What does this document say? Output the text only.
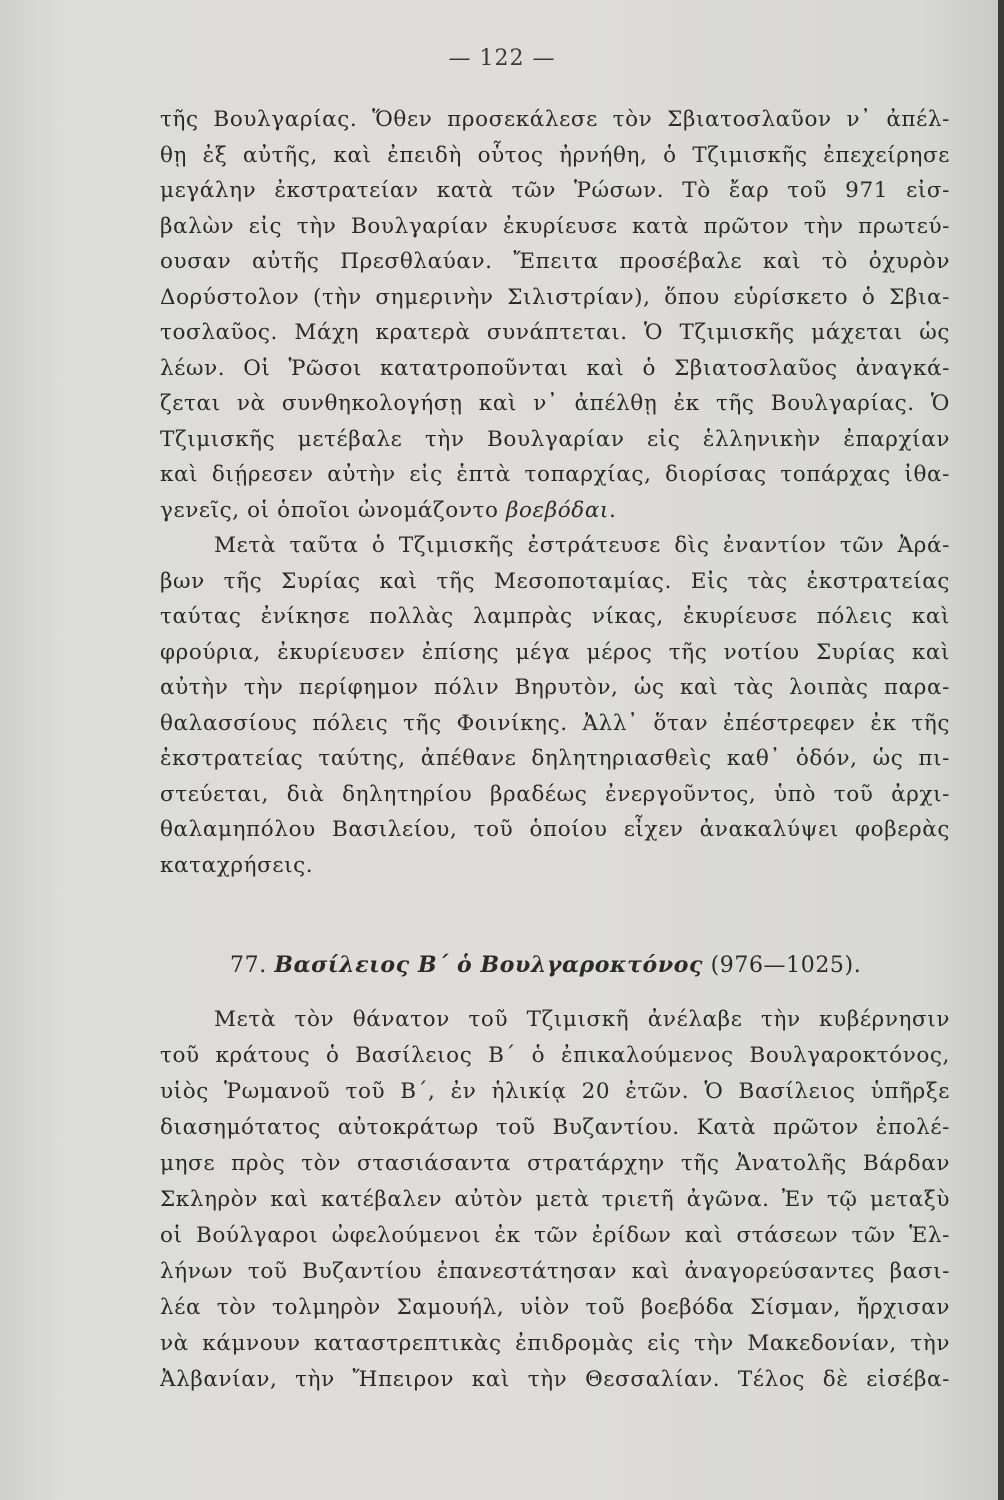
— 122 —
τῆς Βουλγαρίας. Ὅθεν προσεκάλεσε τὸν Σβιατοσλαῦον ν᾽ ἀπέλ-
θῃ ἐξ αὐτῆς, καὶ ἐπειδὴ οὗτος ἠρνήθη, ὁ Τζιμισκῆς ἐπεχείρησε
μεγάλην ἐκστρατείαν κατὰ τῶν Ῥώσων. Τὸ ἔαρ τοῦ 971 εἰσ-
βαλὼν εἰς τὴν Βουλγαρίαν ἐκυρίευσε κατὰ πρῶτον τὴν πρωτεύ-
ουσαν αὐτῆς Πρεσθλαύαν. Ἔπειτα προσέβαλε καὶ τὸ ὀχυρὸν
Δορύστολον (τὴν σημερινὴν Σιλιστρίαν), ὅπου εὑρίσκετο ὁ Σβια-
τοσλαῦος. Μάχη κρατερὰ συνάπτεται. Ὁ Τζιμισκῆς μάχεται ὡς
λέων. Οἱ Ῥῶσοι κατατροποῦνται καὶ ὁ Σβιατοσλαῦος ἀναγκά-
ζεται νὰ συνθηκολογήσῃ καὶ ν᾽ ἀπέλθῃ ἐκ τῆς Βουλγαρίας. Ὁ
Τζιμισκῆς μετέβαλε τὴν Βουλγαρίαν εἰς ἑλληνικὴν ἐπαρχίαν
καὶ διῄρεσεν αὐτὴν εἰς ἑπτὰ τοπαρχίας, διορίσας τοπάρχας ἰθα-
γενεῖς, οἱ ὁποῖοι ὠνομάζοντο βοεβόδαι.
Μετὰ ταῦτα ὁ Τζιμισκῆς ἐστράτευσε δὶς ἐναντίον τῶν Ἀρά-
βων τῆς Συρίας καὶ τῆς Μεσοποταμίας. Εἰς τὰς ἐκστρατείας
ταύτας ἐνίκησε πολλὰς λαμπρὰς νίκας, ἐκυρίευσε πόλεις καὶ
φρούρια, ἐκυρίευσεν ἐπίσης μέγα μέρος τῆς νοτίου Συρίας καὶ
αὐτὴν τὴν περίφημον πόλιν Βηρυτὸν, ὡς καὶ τὰς λοιπὰς παρα-
θαλασσίους πόλεις τῆς Φοινίκης. Ἀλλ᾽ ὅταν ἐπέστρεφεν ἐκ τῆς
ἐκστρατείας ταύτης, ἀπέθανε δηλητηριασθεὶς καθ᾽ ὁδόν, ὡς πι-
στεύεται, διὰ δηλητηρίου βραδέως ἐνεργοῦντος, ὑπὸ τοῦ ἀρχι-
θαλαμηπόλου Βασιλείου, τοῦ ὁποίου εἶχεν ἀνακαλύψει φοβερὰς
καταχρήσεις.
77. Βασίλειος Β´ ὁ Βουλγαροκτόνος (976—1025).
Μετὰ τὸν θάνατον τοῦ Τζιμισκῆ ἀνέλαβε τὴν κυβέρνησιν
τοῦ κράτους ὁ Βασίλειος Β´ ὁ ἐπικαλούμενος Βουλγαροκτόνος,
υἱὸς Ῥωμανοῦ τοῦ Β´, ἐν ἡλικίᾳ 20 ἐτῶν. Ὁ Βασίλειος ὑπῆρξε
διασημότατος αὐτοκράτωρ τοῦ Βυζαντίου. Κατὰ πρῶτον ἐπολέ-
μησε πρὸς τὸν στασιάσαντα στρατάρχην τῆς Ἀνατολῆς Βάρδαν
Σκληρὸν καὶ κατέβαλεν αὐτὸν μετὰ τριετῆ ἀγῶνα. Ἐν τῷ μεταξὺ
οἱ Βούλγαροι ὠφελούμενοι ἐκ τῶν ἐρίδων καὶ στάσεων τῶν Ἑλ-
λήνων τοῦ Βυζαντίου ἐπανεστάτησαν καὶ ἀναγορεύσαντες βασι-
λέα τὸν τολμηρὸν Σαμουήλ, υἱὸν τοῦ βοεβόδα Σίσμαν, ἤρχισαν
νὰ κάμνουν καταστρεπτικὰς ἐπιδρομὰς εἰς τὴν Μακεδονίαν, τὴν
Ἀλβανίαν, τὴν Ἤπειρον καὶ τὴν Θεσσαλίαν. Τέλος δὲ εἰσέβα-
